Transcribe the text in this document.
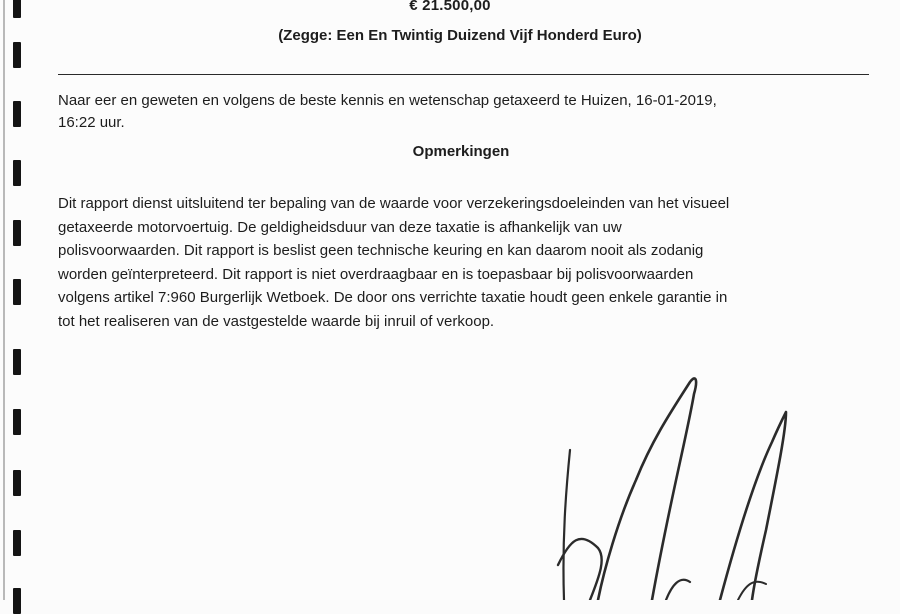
€ 21.500,00
(Zegge: Een En Twintig Duizend Vijf Honderd Euro)
Naar eer en geweten en volgens de beste kennis en wetenschap getaxeerd te Huizen, 16-01-2019,
16:22 uur.
Opmerkingen
Dit rapport dienst uitsluitend ter bepaling van de waarde voor verzekeringsdoeleinden van het visueel
getaxeerde motorvoertuig. De geldigheidsduur van deze taxatie is afhankelijk van uw
polisvoorwaarden. Dit rapport is beslist geen technische keuring en kan daarom nooit als zodanig
worden geïnterpreteerd. Dit rapport is niet overdraagbaar en is toepasbaar bij polisvoorwaarden
volgens artikel 7:960 Burgerlijk Wetboek. De door ons verrichte taxatie houdt geen enkele garantie in
tot het realiseren van de vastgestelde waarde bij inruil of verkoop.
